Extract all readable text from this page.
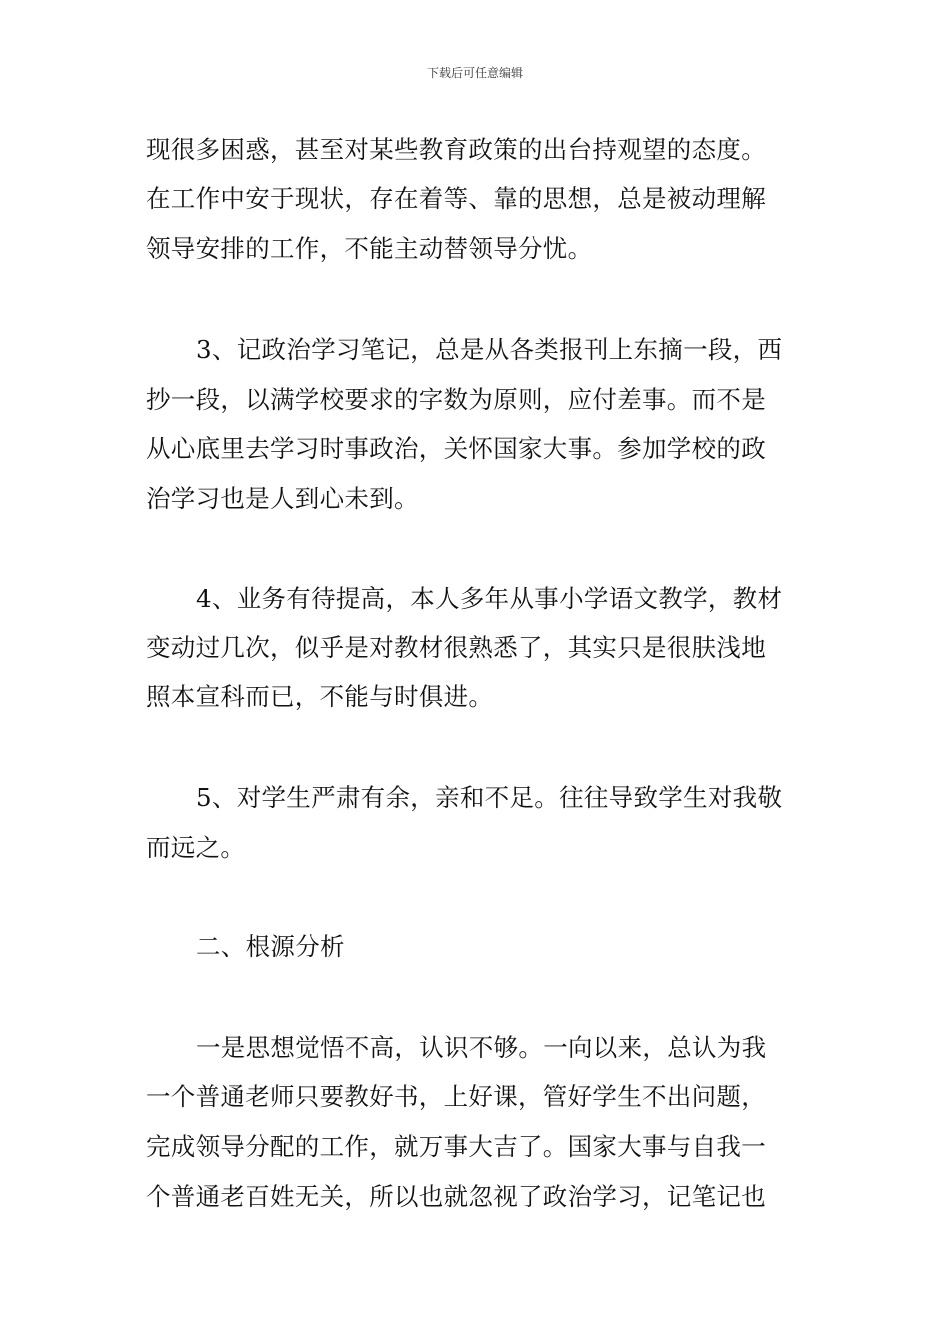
下载后可任意编辑
现很多困惑，甚至对某些教育政策的出台持观望的态度。
在工作中安于现状，存在着等、靠的思想，总是被动理解
领导安排的工作，不能主动替领导分忧。
3、记政治学习笔记，总是从各类报刊上东摘一段，西
抄一段，以满学校要求的字数为原则，应付差事。而不是
从心底里去学习时事政治，关怀国家大事。参加学校的政
治学习也是人到心未到。
4、业务有待提高，本人多年从事小学语文教学，教材
变动过几次，似乎是对教材很熟悉了，其实只是很肤浅地
照本宣科而已，不能与时俱进。
5、对学生严肃有余，亲和不足。往往导致学生对我敬
而远之。
二、根源分析
一是思想觉悟不高，认识不够。一向以来，总认为我
一个普通老师只要教好书，上好课，管好学生不出问题，
完成领导分配的工作，就万事大吉了。国家大事与自我一
个普通老百姓无关，所以也就忽视了政治学习，记笔记也
